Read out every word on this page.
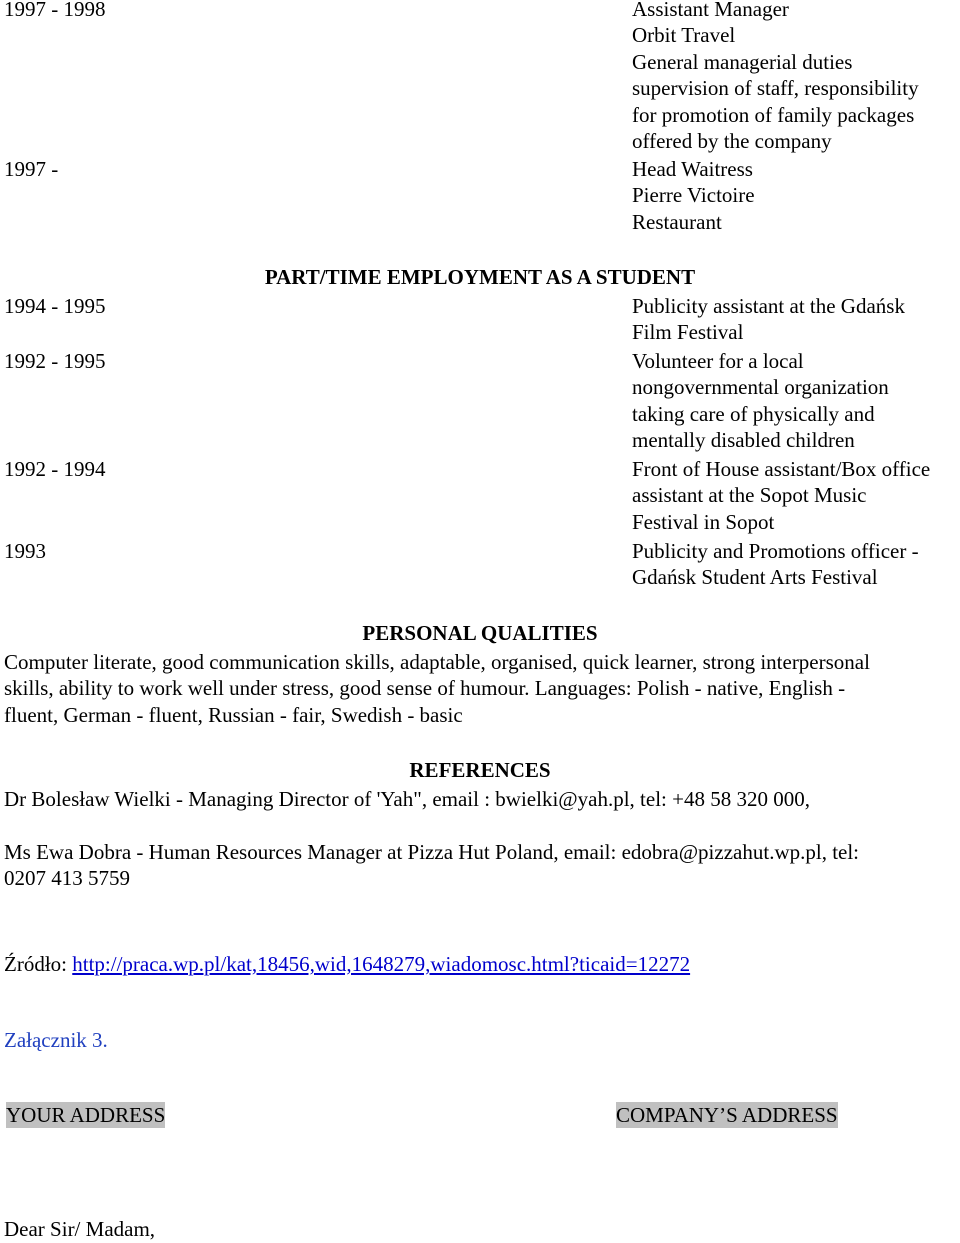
1997 - 1998	Assistant Manager
Orbit Travel
General managerial duties
supervision of staff, responsibility
for promotion of family packages
offered by the company
1997 -	Head Waitress
Pierre Victoire
Restaurant
PART/TIME EMPLOYMENT AS A STUDENT
1994 - 1995	Publicity assistant at the Gdańsk
Film Festival
1992 - 1995	Volunteer for a local
nongovernmental organization
taking care of physically and
mentally disabled children
1992 - 1994	Front of House assistant/Box office
assistant at the Sopot Music
Festival in Sopot
1993	Publicity and Promotions officer -
Gdańsk Student Arts Festival
PERSONAL QUALITIES
Computer literate, good communication skills, adaptable, organised, quick learner, strong interpersonal
skills, ability to work well under stress, good sense of humour. Languages: Polish - native, English -
fluent, German - fluent, Russian - fair, Swedish - basic
REFERENCES
Dr Bolesław Wielki - Managing Director of 'Yah", email : bwielki@yah.pl, tel: +48 58 320 000,
Ms Ewa Dobra - Human Resources Manager at Pizza Hut Poland, email: edobra@pizzahut.wp.pl, tel:
0207 413 5759
Źródło: http://praca.wp.pl/kat,18456,wid,1648279,wiadomosc.html?ticaid=12272
Załącznik 3.
YOUR ADDRESS	COMPANY’S ADDRESS
Dear Sir/ Madam,
